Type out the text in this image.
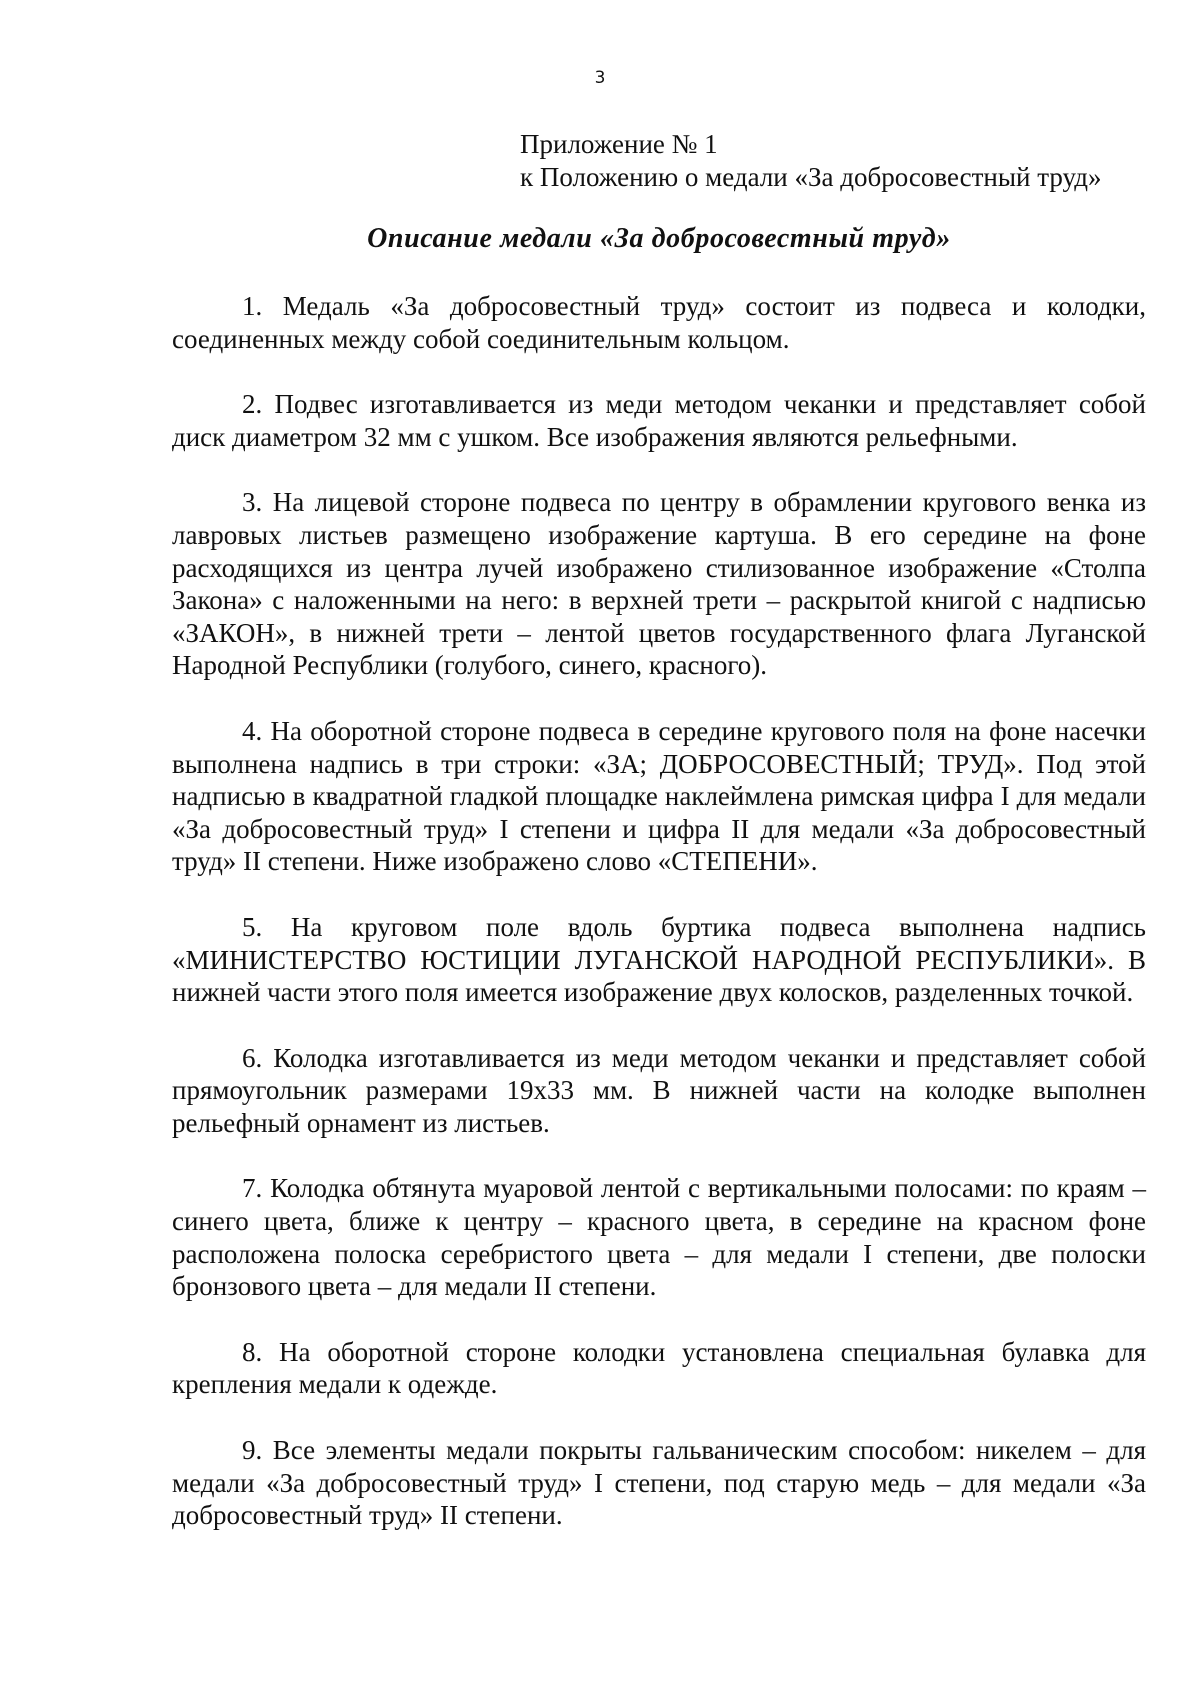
3
Приложение № 1
к Положению о медали «За добросовестный труд»
Описание медали «За добросовестный труд»

1. Медаль «За добросовестный труд» состоит из подвеса и колодки, соединенных между собой соединительным кольцом.

2. Подвес изготавливается из меди методом чеканки и представляет собой диск диаметром 32 мм с ушком. Все изображения являются рельефными.

3. На лицевой стороне подвеса по центру в обрамлении кругового венка из лавровых листьев размещено изображение картуша. В его середине на фоне расходящихся из центра лучей изображено стилизованное изображение «Столпа Закона» с наложенными на него: в верхней трети – раскрытой книгой с надписью «ЗАКОН», в нижней трети – лентой цветов государственного флага Луганской Народной Республики (голубого, синего, красного).

4. На оборотной стороне подвеса в середине кругового поля на фоне насечки выполнена надпись в три строки: «ЗА; ДОБРОСОВЕСТНЫЙ; ТРУД». Под этой надписью в квадратной гладкой площадке наклеймлена римская цифра I для медали «За добросовестный труд» I степени и цифра II для медали «За добросовестный труд» II степени. Ниже изображено слово «СТЕПЕНИ».

5. На круговом поле вдоль буртика подвеса выполнена надпись «МИНИСТЕРСТВО ЮСТИЦИИ ЛУГАНСКОЙ НАРОДНОЙ РЕСПУБЛИКИ». В нижней части этого поля имеется изображение двух колосков, разделенных точкой.

6. Колодка изготавливается из меди методом чеканки и представляет собой прямоугольник размерами 19х33 мм. В нижней части на колодке выполнен рельефный орнамент из листьев.

7. Колодка обтянута муаровой лентой с вертикальными полосами: по краям – синего цвета, ближе к центру – красного цвета, в середине на красном фоне расположена полоска серебристого цвета – для медали I степени, две полоски бронзового цвета – для медали II степени.

8. На оборотной стороне колодки установлена специальная булавка для крепления медали к одежде.

9. Все элементы медали покрыты гальваническим способом: никелем – для медали «За добросовестный труд» I степени, под старую медь – для медали «За добросовестный труд» II степени.
